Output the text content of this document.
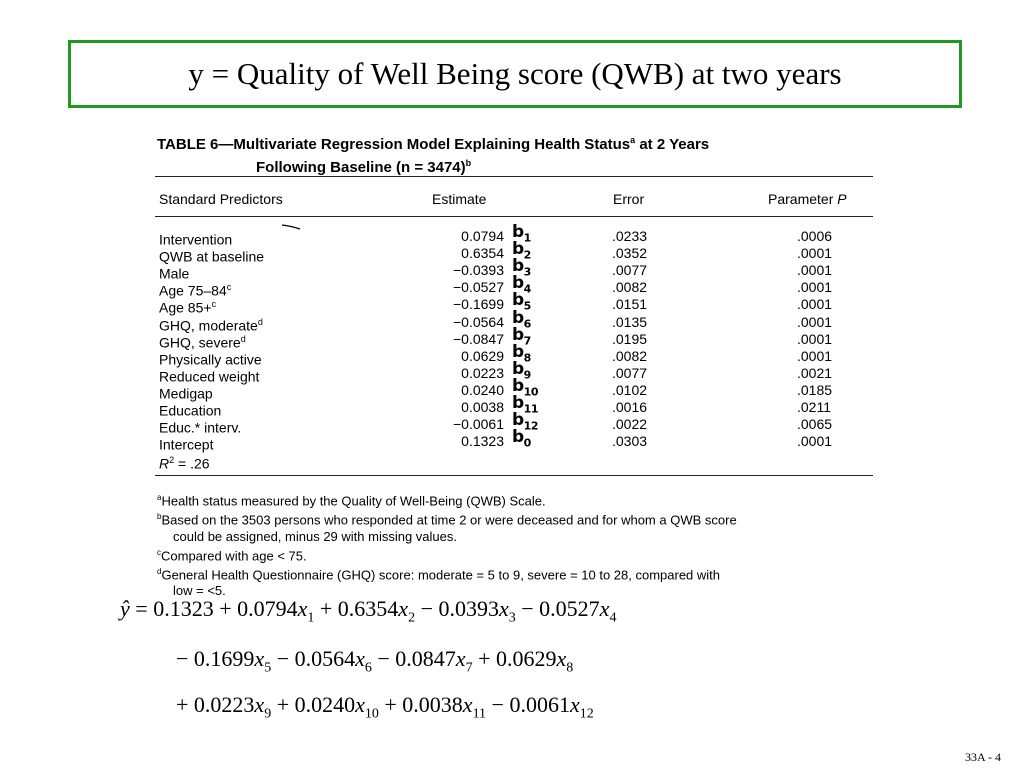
y = Quality of Well Being score (QWB) at two years
TABLE 6—Multivariate Regression Model Explaining Health Status$^a$ at 2 Years
Following Baseline (n = 3474)$^b$
Standard Predictors	Estimate	Error	Parameter P
Intervention	0.0794 $b_1$	.0233	.0006
QWB at baseline	0.6354 $b_2$	.0352	.0001
Male	−0.0393 $b_3$	.0077	.0001
Age $75-84^c$	−0.0527 $b_4$	.0082	.0001
Age 85+$^c$	−0.1699 $b_5$	.0151	.0001
GHQ, moderate$^d$	−0.0564 $b_6$	.0135	.0001
GHQ, severe$^d$	−0.0847 $b_7$	.0195	.0001
Physically active	0.0629 $b_8$	.0082	.0001
Reduced weight	0.0223 $b_9$	.0077	.0021
Medigap	0.0240 $b_{10}$	.0102	.0185
Education	0.0038 $b_{11}$	.0016	.0211
Educ.* interv.	−0.0061 $b_{12}$	.0022	.0065
Intercept	0.1323 $b_0$	.0303	.0001
$R^2 = .26$

$^a$Health status measured by the Quality of Well-Being (QWB) Scale.

$^b$Based on the 3503 persons who responded at time 2 or were deceased and for whom a QWB score

could be assigned, minus 29 with missing values.

$^c$Compared with age < 75.

$^d$General Health Questionnaire (GHQ) score: moderate = 5 to 9, severe = 10 to 28, compared with

low = <5.

ŷ = $0.1323 + 0.0794x_1 + 0.6354x_2 - 0.0393x_3 - 0.0527x_4$
− $0.1699x_5 - 0.0564x_6 - 0.0847x_7 + 0.0629x_8$
+ $0.0223x_9 + 0.0240x_{10} + 0.0038x_{11} - 0.0061x_{12}$
33A - 4
